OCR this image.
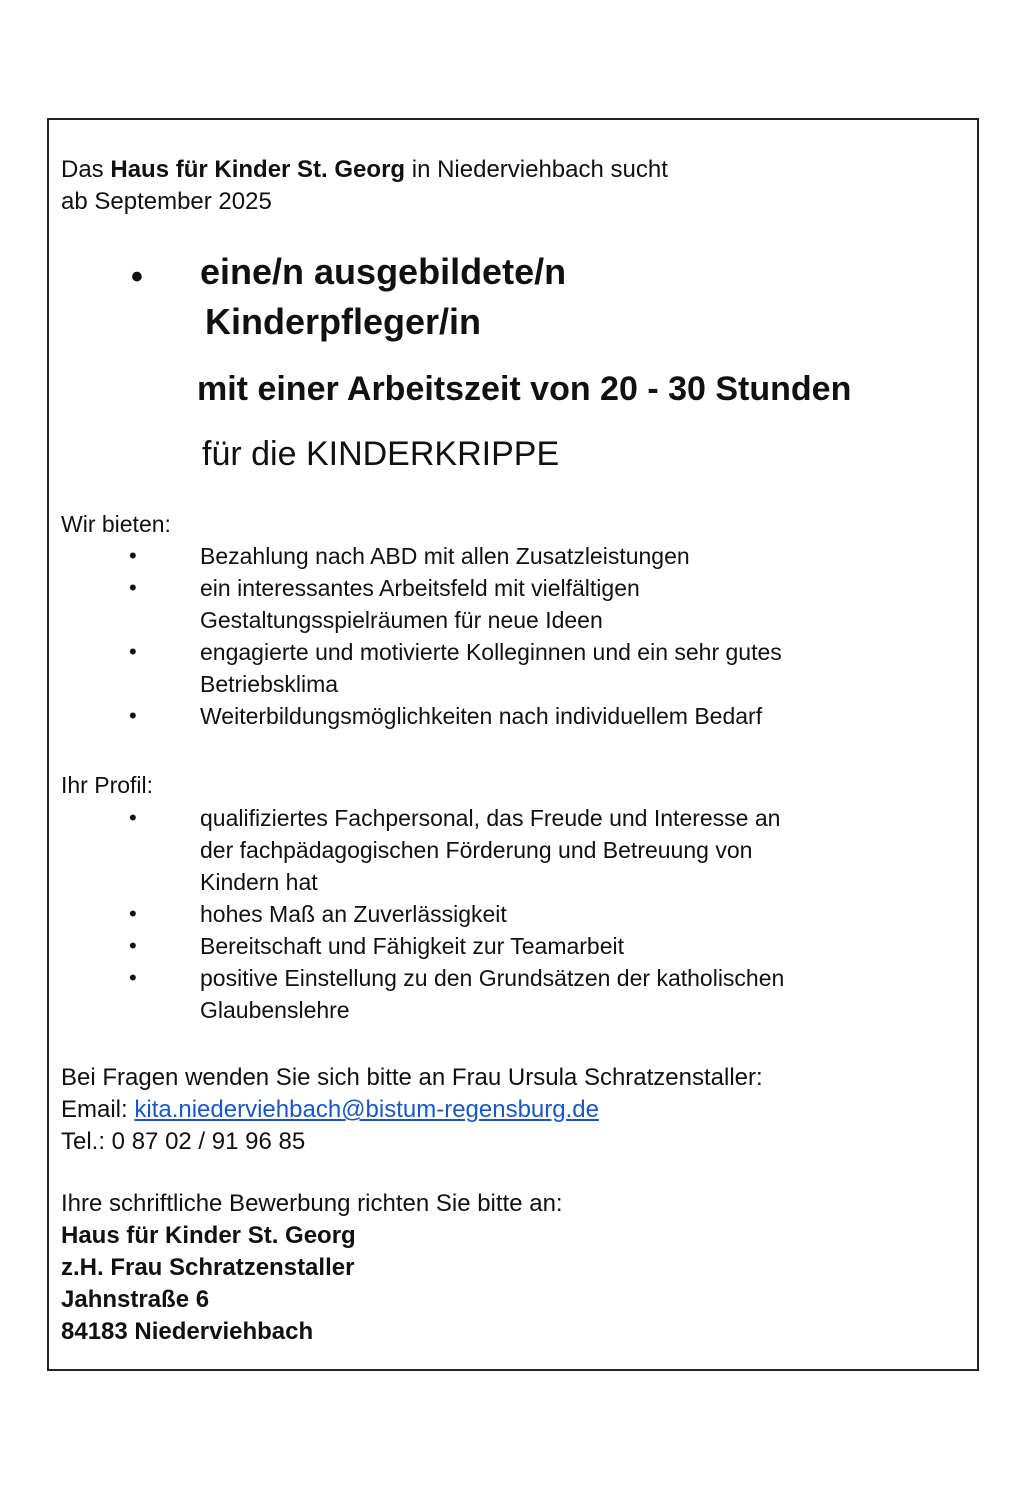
Das Haus für Kinder St. Georg in Niederviehbach sucht
ab September 2025
• eine/n ausgebildete/n
Kinderpfleger/in
mit einer Arbeitszeit von 20 - 30 Stunden
für die KINDERKRIPPE
Wir bieten:
•	Bezahlung nach ABD mit allen Zusatzleistungen
•	ein interessantes Arbeitsfeld mit vielfältigen
Gestaltungsspielräumen für neue Ideen
•	engagierte und motivierte Kolleginnen und ein sehr gutes
Betriebsklima
•	Weiterbildungsmöglichkeiten nach individuellem Bedarf
Ihr Profil:
•	qualifiziertes Fachpersonal, das Freude und Interesse an
der fachpädagogischen Förderung und Betreuung von
Kindern hat
•	hohes Maß an Zuverlässigkeit
•	Bereitschaft und Fähigkeit zur Teamarbeit
•	positive Einstellung zu den Grundsätzen der katholischen
Glaubenslehre
Bei Fragen wenden Sie sich bitte an Frau Ursula Schratzenstaller:
Email: kita.niederviehbach@bistum-regensburg.de
Tel.: 0 87 02 / 91 96 85
Ihre schriftliche Bewerbung richten Sie bitte an:
Haus für Kinder St. Georg
z.H. Frau Schratzenstaller
Jahnstraße 6
84183 Niederviehbach
